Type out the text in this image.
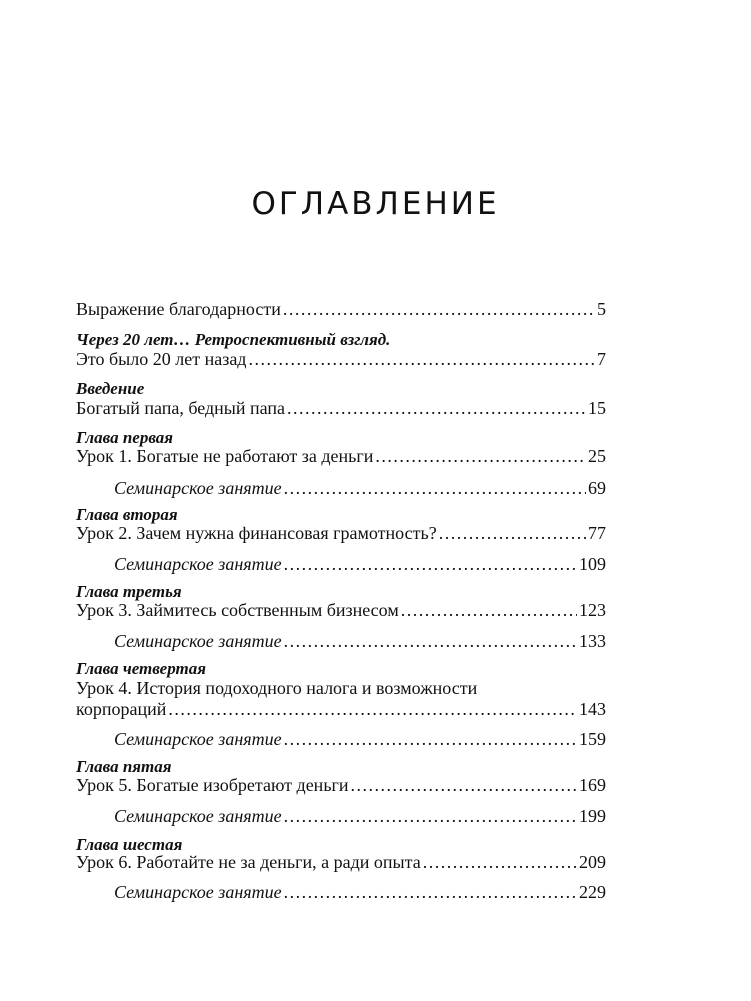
ОГЛАВЛЕНИЕ
Выражение благодарности .....	5
Через 20 лет… Ретроспективный взгляд.
Это было 20 лет назад .....	7
Введение
Богатый папа, бедный папа .....	15
Глава первая
Урок 1. Богатые не работают за деньги .....	25
Семинарское занятие .....	69
Глава вторая
Урок 2. Зачем нужна финансовая грамотность? .....	77
Семинарское занятие .....	109
Глава третья
Урок 3. Займитесь собственным бизнесом .....	123
Семинарское занятие .....	133
Глава четвертая
Урок 4. История подоходного налога и возможности
корпораций .....	143
Семинарское занятие .....	159
Глава пятая
Урок 5. Богатые изобретают деньги .....	169
Семинарское занятие .....	199
Глава шестая
Урок 6. Работайте не за деньги, а ради опыта .....	209
Семинарское занятие .....	229
